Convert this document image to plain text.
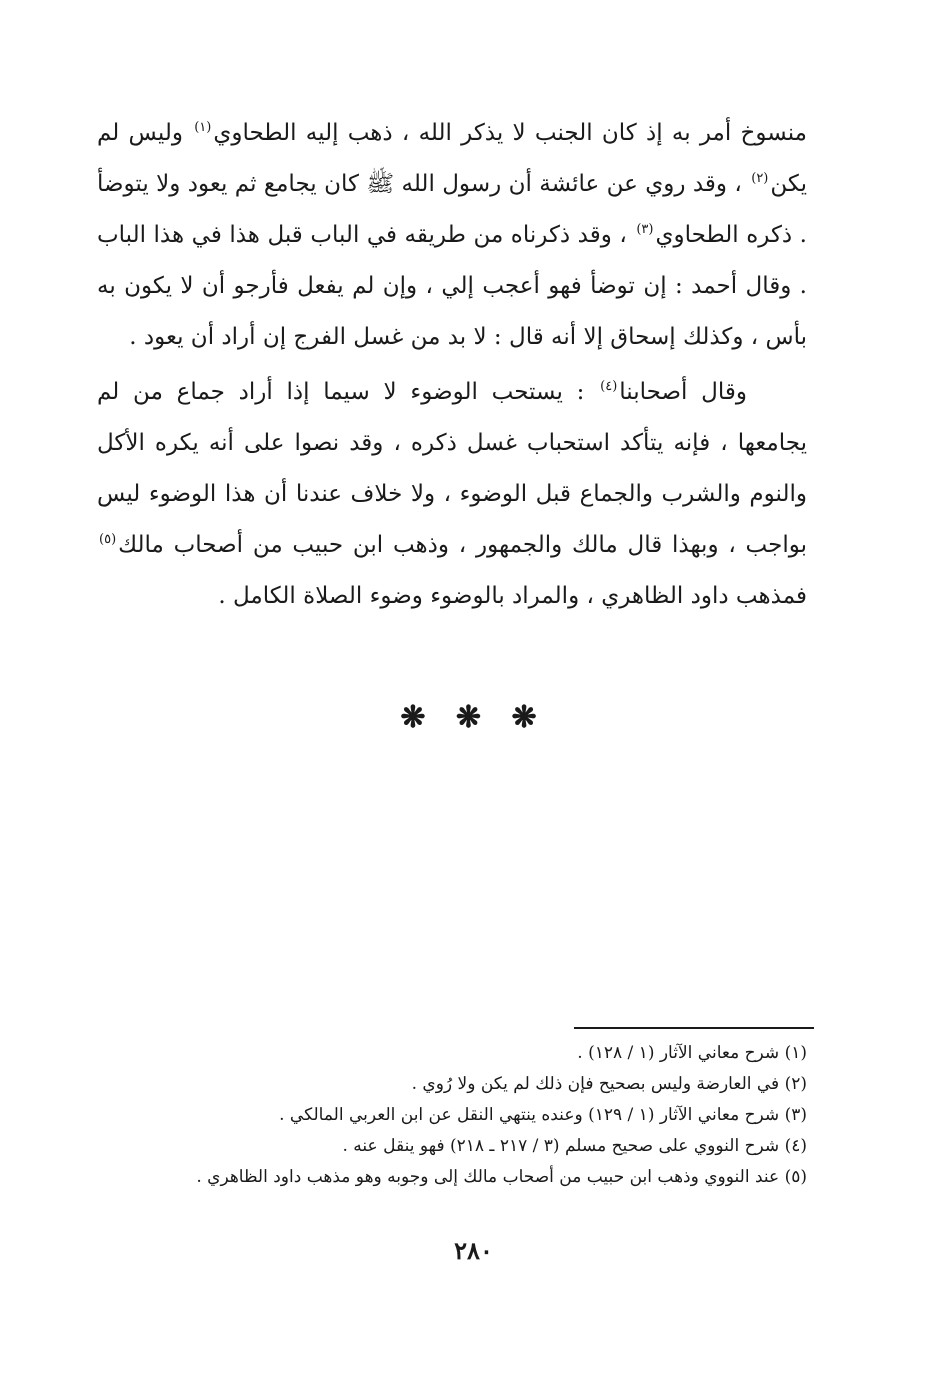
منسوخ أمر به إذ كان الجنب لا يذكر الله ، ذهب إليه الطحاوي$^{(١)}$ وليس لم يكن$^{(٢)}$ ، وقد روي عن عائشة أن رسول الله ﷺ كان يجامع ثم يعود ولا يتوضأ . ذكره الطحاوي$^{(٣)}$ ، وقد ذكرناه من طريقه في الباب قبل هذا في هذا الباب . وقال أحمد : إن توضأ فهو أعجب إلي ، وإن لم يفعل فأرجو أن لا يكون به بأس ، وكذلك إسحاق إلا أنه قال : لا بد من غسل الفرج إن أراد أن يعود .

وقال أصحابنا$^{(٤)}$ : يستحب الوضوء لا سيما إذا أراد جماع من لم يجامعها ، فإنه يتأكد استحباب غسل ذكره ، وقد نصوا على أنه يكره الأكل والنوم والشرب والجماع قبل الوضوء ، ولا خلاف عندنا أن هذا الوضوء ليس بواجب ، وبهذا قال مالك والجمهور ، وذهب ابن حبيب من أصحاب مالك$^{(٥)}$ فمذهب داود الظاهري ، والمراد بالوضوء وضوء الصلاة الكامل .

❋ ❋ ❋

(١) شرح معاني الآثار (١ / ١٢٨) .

(٢) في العارضة وليس بصحيح فإن ذلك لم يكن ولا رُوي .

(٣) شرح معاني الآثار (١ / ١٢٩) وعنده ينتهي النقل عن ابن العربي المالكي .

(٤) شرح النووي على صحيح مسلم (٣ / ٢١٧ ـ ٢١٨) فهو ينقل عنه .

(٥) عند النووي وذهب ابن حبيب من أصحاب مالك إلى وجوبه وهو مذهب داود الظاهري .

٢٨٠
